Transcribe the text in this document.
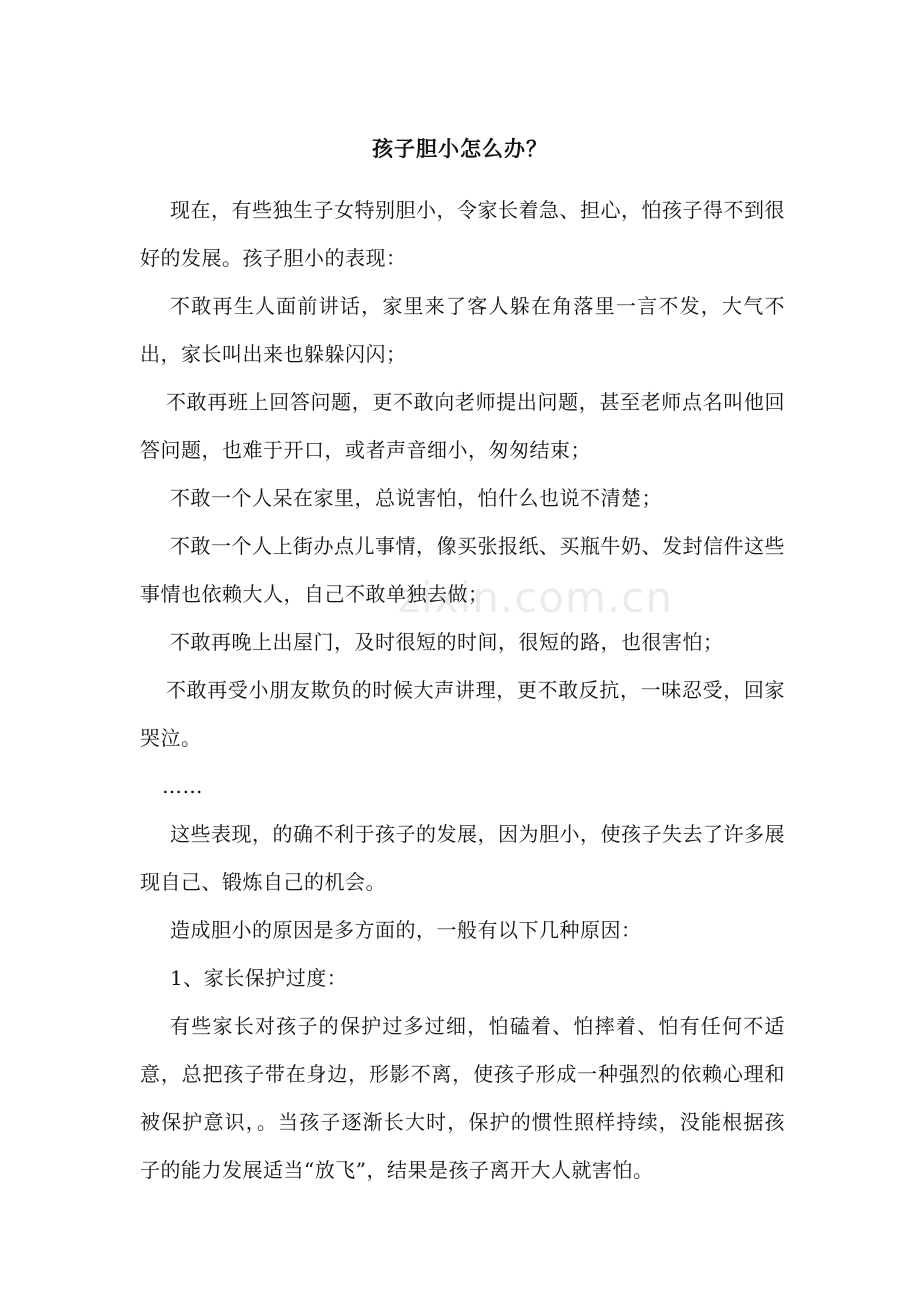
孩子胆小怎么办？

现在，有些独生子女特别胆小，令家长着急、担心，怕孩子得不到很好的发展。孩子胆小的表现：

不敢再生人面前讲话，家里来了客人躲在角落里一言不发，大气不出，家长叫出来也躲躲闪闪；

不敢再班上回答问题，更不敢向老师提出问题，甚至老师点名叫他回答问题，也难于开口，或者声音细小，匆匆结束；

不敢一个人呆在家里，总说害怕，怕什么也说不清楚；

不敢一个人上街办点儿事情，像买张报纸、买瓶牛奶、发封信件这些事情也依赖大人，自己不敢单独去做；

不敢再晚上出屋门，及时很短的时间，很短的路，也很害怕；

不敢再受小朋友欺负的时候大声讲理，更不敢反抗，一味忍受，回家哭泣。

……

这些表现，的确不利于孩子的发展，因为胆小，使孩子失去了许多展现自己、锻炼自己的机会。

造成胆小的原因是多方面的，一般有以下几种原因：

1、家长保护过度：

有些家长对孩子的保护过多过细，怕磕着、怕摔着、怕有任何不适意，总把孩子带在身边，形影不离，使孩子形成一种强烈的依赖心理和被保护意识，。当孩子逐渐长大时，保护的惯性照样持续，没能根据孩子的能力发展适当“放飞”，结果是孩子离开大人就害怕。

zixin.com.cn
